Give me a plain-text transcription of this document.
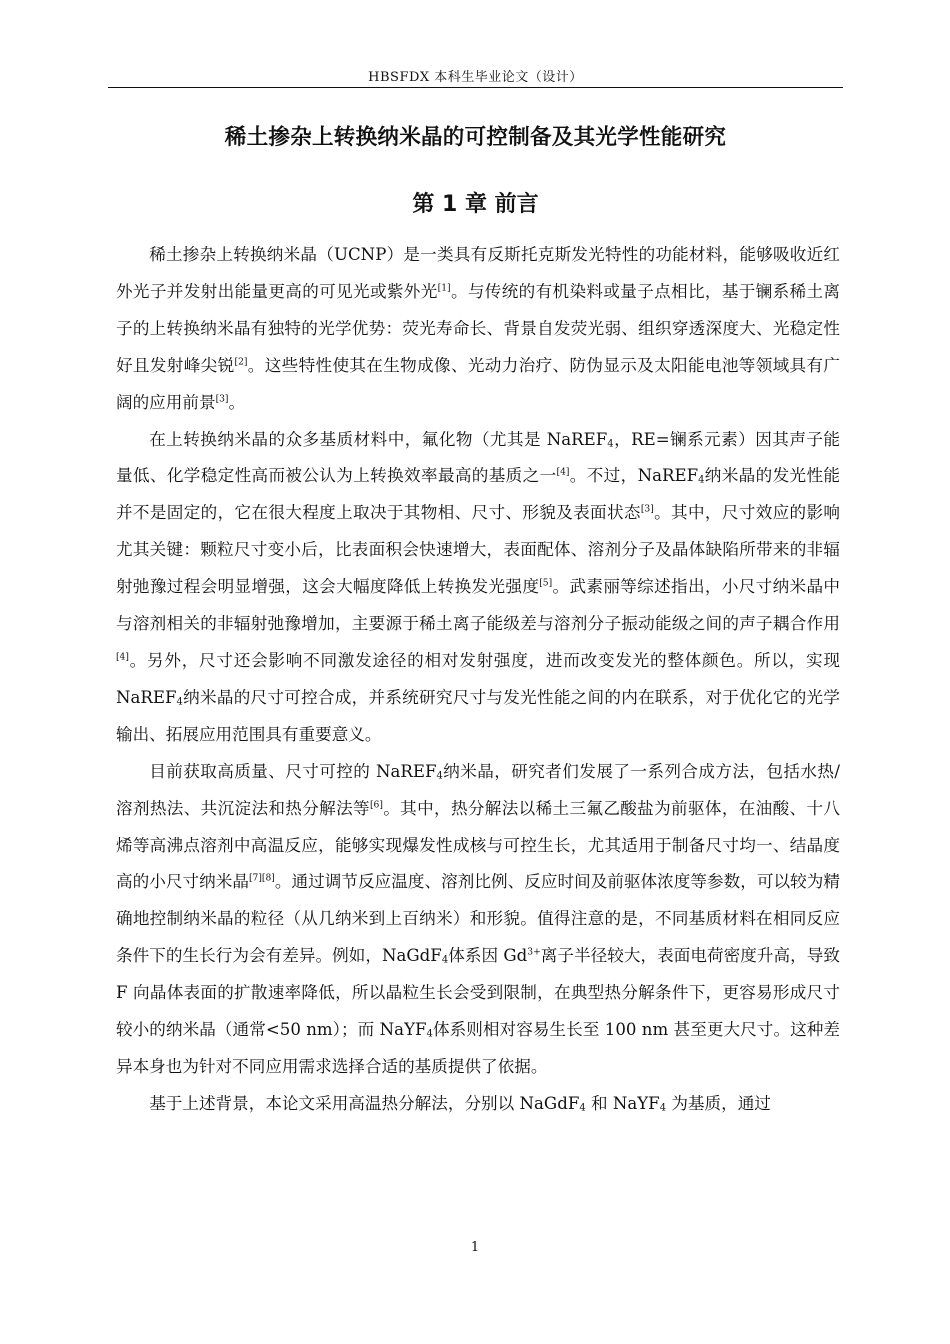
HBSFDX 本科生毕业论文（设计）
稀土掺杂上转换纳米晶的可控制备及其光学性能研究
第 1 章 前言

稀土掺杂上转换纳米晶（UCNP）是一类具有反斯托克斯发光特性的功能材料，能够吸收近红外光子并发射出能量更高的可见光或紫外光[1]。与传统的有机染料或量子点相比，基于镧系稀土离子的上转换纳米晶有独特的光学优势：荧光寿命长、背景自发荧光弱、组织穿透深度大、光稳定性好且发射峰尖锐[2]。这些特性使其在生物成像、光动力治疗、防伪显示及太阳能电池等领域具有广阔的应用前景[3]。

在上转换纳米晶的众多基质材料中，氟化物（尤其是 NaREF$_4$，RE=镧系元素）因其声子能量低、化学稳定性高而被公认为上转换效率最高的基质之一[4]。不过，NaREF$_4$纳米晶的发光性能并不是固定的，它在很大程度上取决于其物相、尺寸、形貌及表面状态[3]。其中，尺寸效应的影响尤其关键：颗粒尺寸变小后，比表面积会快速增大，表面配体、溶剂分子及晶体缺陷所带来的非辐射弛豫过程会明显增强，这会大幅度降低上转换发光强度[5]。武素丽等综述指出，小尺寸纳米晶中与溶剂相关的非辐射弛豫增加，主要源于稀土离子能级差与溶剂分子振动能级之间的声子耦合作用[4]。另外，尺寸还会影响不同激发途径的相对发射强度，进而改变发光的整体颜色。所以，实现 NaREF$_4$纳米晶的尺寸可控合成，并系统研究尺寸与发光性能之间的内在联系，对于优化它的光学输出、拓展应用范围具有重要意义。

目前获取高质量、尺寸可控的 NaREF$_4$纳米晶，研究者们发展了一系列合成方法，包括水热/溶剂热法、共沉淀法和热分解法等[6]。其中，热分解法以稀土三氟乙酸盐为前驱体，在油酸、十八烯等高沸点溶剂中高温反应，能够实现爆发性成核与可控生长，尤其适用于制备尺寸均一、结晶度高的小尺寸纳米晶[7][8]。通过调节反应温度、溶剂比例、反应时间及前驱体浓度等参数，可以较为精确地控制纳米晶的粒径（从几纳米到上百纳米）和形貌。值得注意的是，不同基质材料在相同反应条件下的生长行为会有差异。例如，NaGdF$_4$体系因 $Gd^{3+}$离子半径较大，表面电荷密度升高，导致 F 向晶体表面的扩散速率降低，所以晶粒生长会受到限制，在典型热分解条件下，更容易形成尺寸较小的纳米晶（通常<50 nm）；而 NaYF$_4$体系则相对容易生长至 100 nm 甚至更大尺寸。这种差异本身也为针对不同应用需求选择合适的基质提供了依据。

基于上述背景，本论文采用高温热分解法，分别以 NaGdF$_4$ 和 NaYF$_4$ 为基质，通过

1
